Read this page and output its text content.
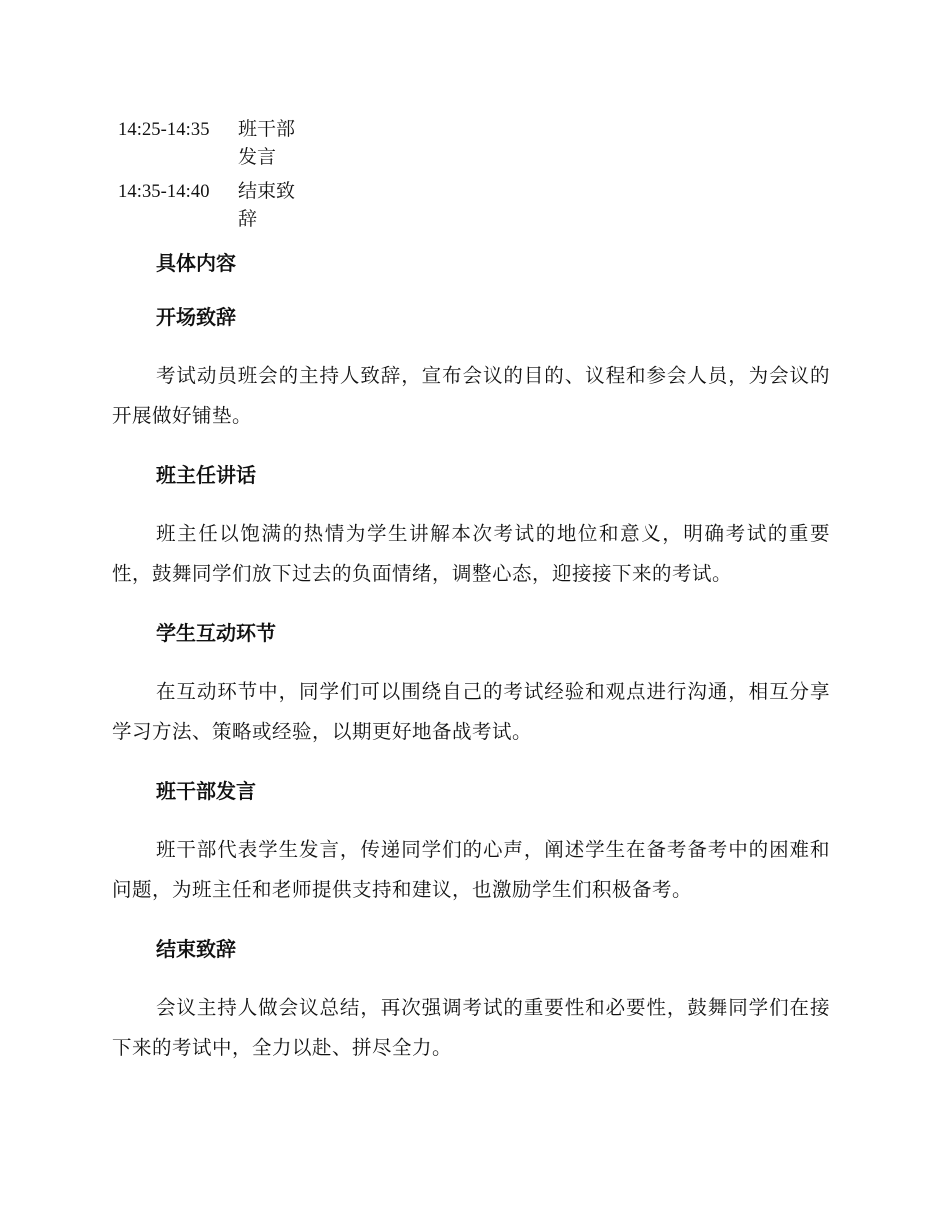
14:25-14:35	班干部发言
14:35-14:40	结束致辞
具体内容
开场致辞

考试动员班会的主持人致辞，宣布会议的目的、议程和参会人员，为会议的开展做好铺垫。

班主任讲话

班主任以饱满的热情为学生讲解本次考试的地位和意义，明确考试的重要性，鼓舞同学们放下过去的负面情绪，调整心态，迎接接下来的考试。

学生互动环节

在互动环节中，同学们可以围绕自己的考试经验和观点进行沟通，相互分享学习方法、策略或经验，以期更好地备战考试。

班干部发言

班干部代表学生发言，传递同学们的心声，阐述学生在备考备考中的困难和问题，为班主任和老师提供支持和建议，也激励学生们积极备考。

结束致辞

会议主持人做会议总结，再次强调考试的重要性和必要性，鼓舞同学们在接下来的考试中，全力以赴、拼尽全力。
